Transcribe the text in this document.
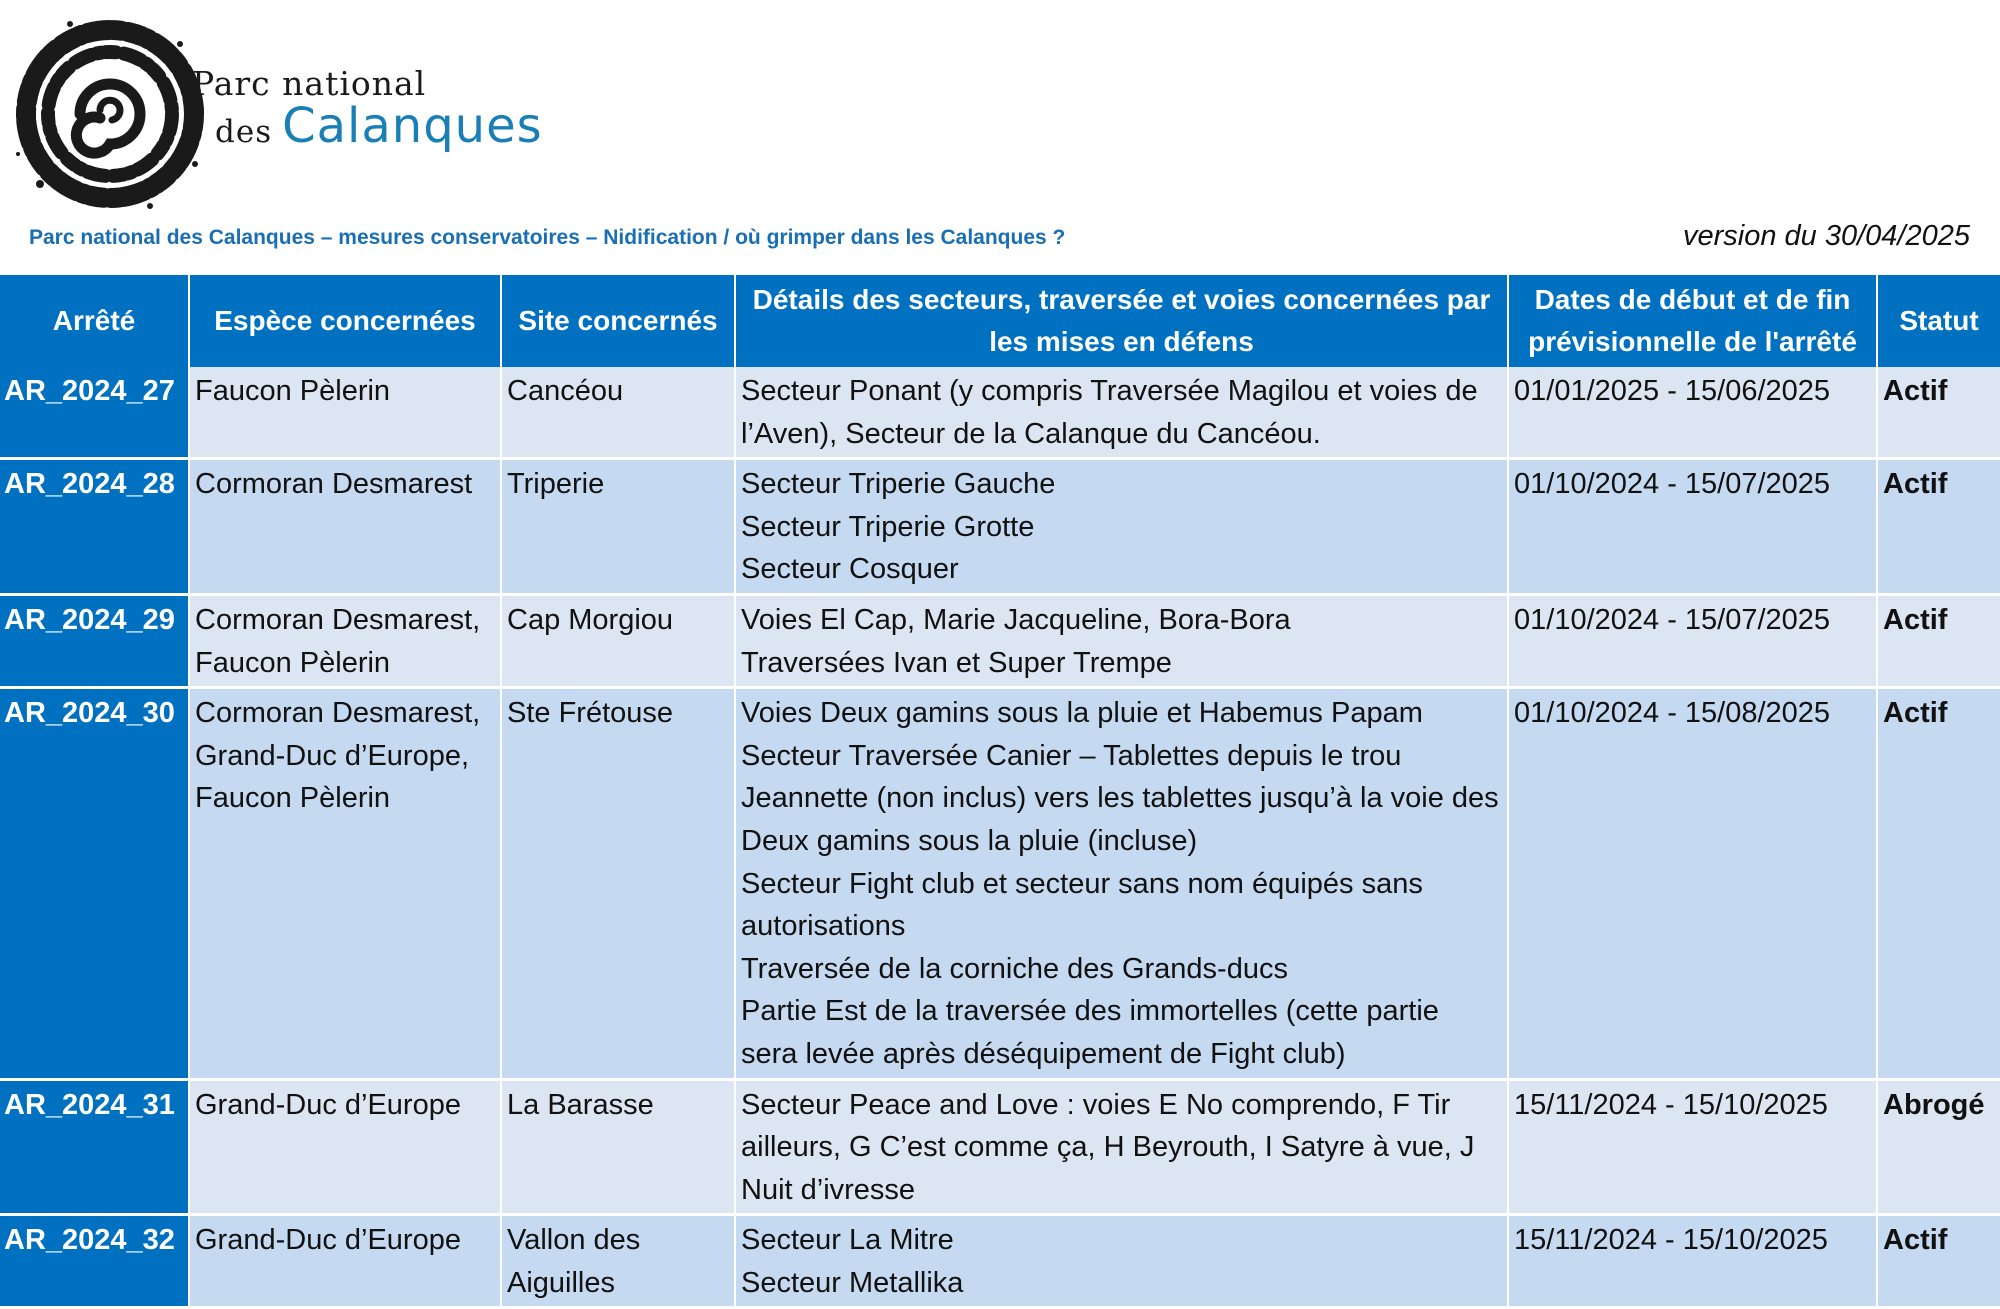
Parc national
des Calanques
Parc national des Calanques – mesures conservatoires – Nidification / où grimper dans les Calanques ?	version du 30/04/2025
Arrêté	Espèce concernées	Site concernés	Détails des secteurs, traversée et voies concernées par les mises en défens	Dates de début et de fin prévisionnelle de l'arrêté	Statut
AR_2024_27	Faucon Pèlerin	Cancéou	Secteur Ponant (y compris Traversée Magilou et voies de l’Aven), Secteur de la Calanque du Cancéou.	01/01/2025 - 15/06/2025	Actif
AR_2024_28	Cormoran Desmarest	Triperie	Secteur Triperie Gauche
Secteur Triperie Grotte
Secteur Cosquer	01/10/2024 - 15/07/2025	Actif
AR_2024_29	Cormoran Desmarest, Faucon Pèlerin	Cap Morgiou	Voies El Cap, Marie Jacqueline, Bora-Bora
Traversées Ivan et Super Trempe	01/10/2024 - 15/07/2025	Actif
AR_2024_30	Cormoran Desmarest, Grand-Duc d’Europe, Faucon Pèlerin	Ste Frétouse	Voies Deux gamins sous la pluie et Habemus Papam
Secteur Traversée Canier – Tablettes depuis le trou Jeannette (non inclus) vers les tablettes jusqu’à la voie des Deux gamins sous la pluie (incluse)
Secteur Fight club et secteur sans nom équipés sans autorisations
Traversée de la corniche des Grands-ducs
Partie Est de la traversée des immortelles (cette partie sera levée après déséquipement de Fight club)	01/10/2024 - 15/08/2025	Actif
AR_2024_31	Grand-Duc d’Europe	La Barasse	Secteur Peace and Love : voies E No comprendo, F Tir ailleurs, G C’est comme ça, H Beyrouth, I Satyre à vue, J Nuit d’ivresse	15/11/2024 - 15/10/2025	Abrogé
AR_2024_32	Grand-Duc d’Europe	Vallon des Aiguilles	Secteur La Mitre
Secteur Metallika	15/11/2024 - 15/10/2025	Actif
